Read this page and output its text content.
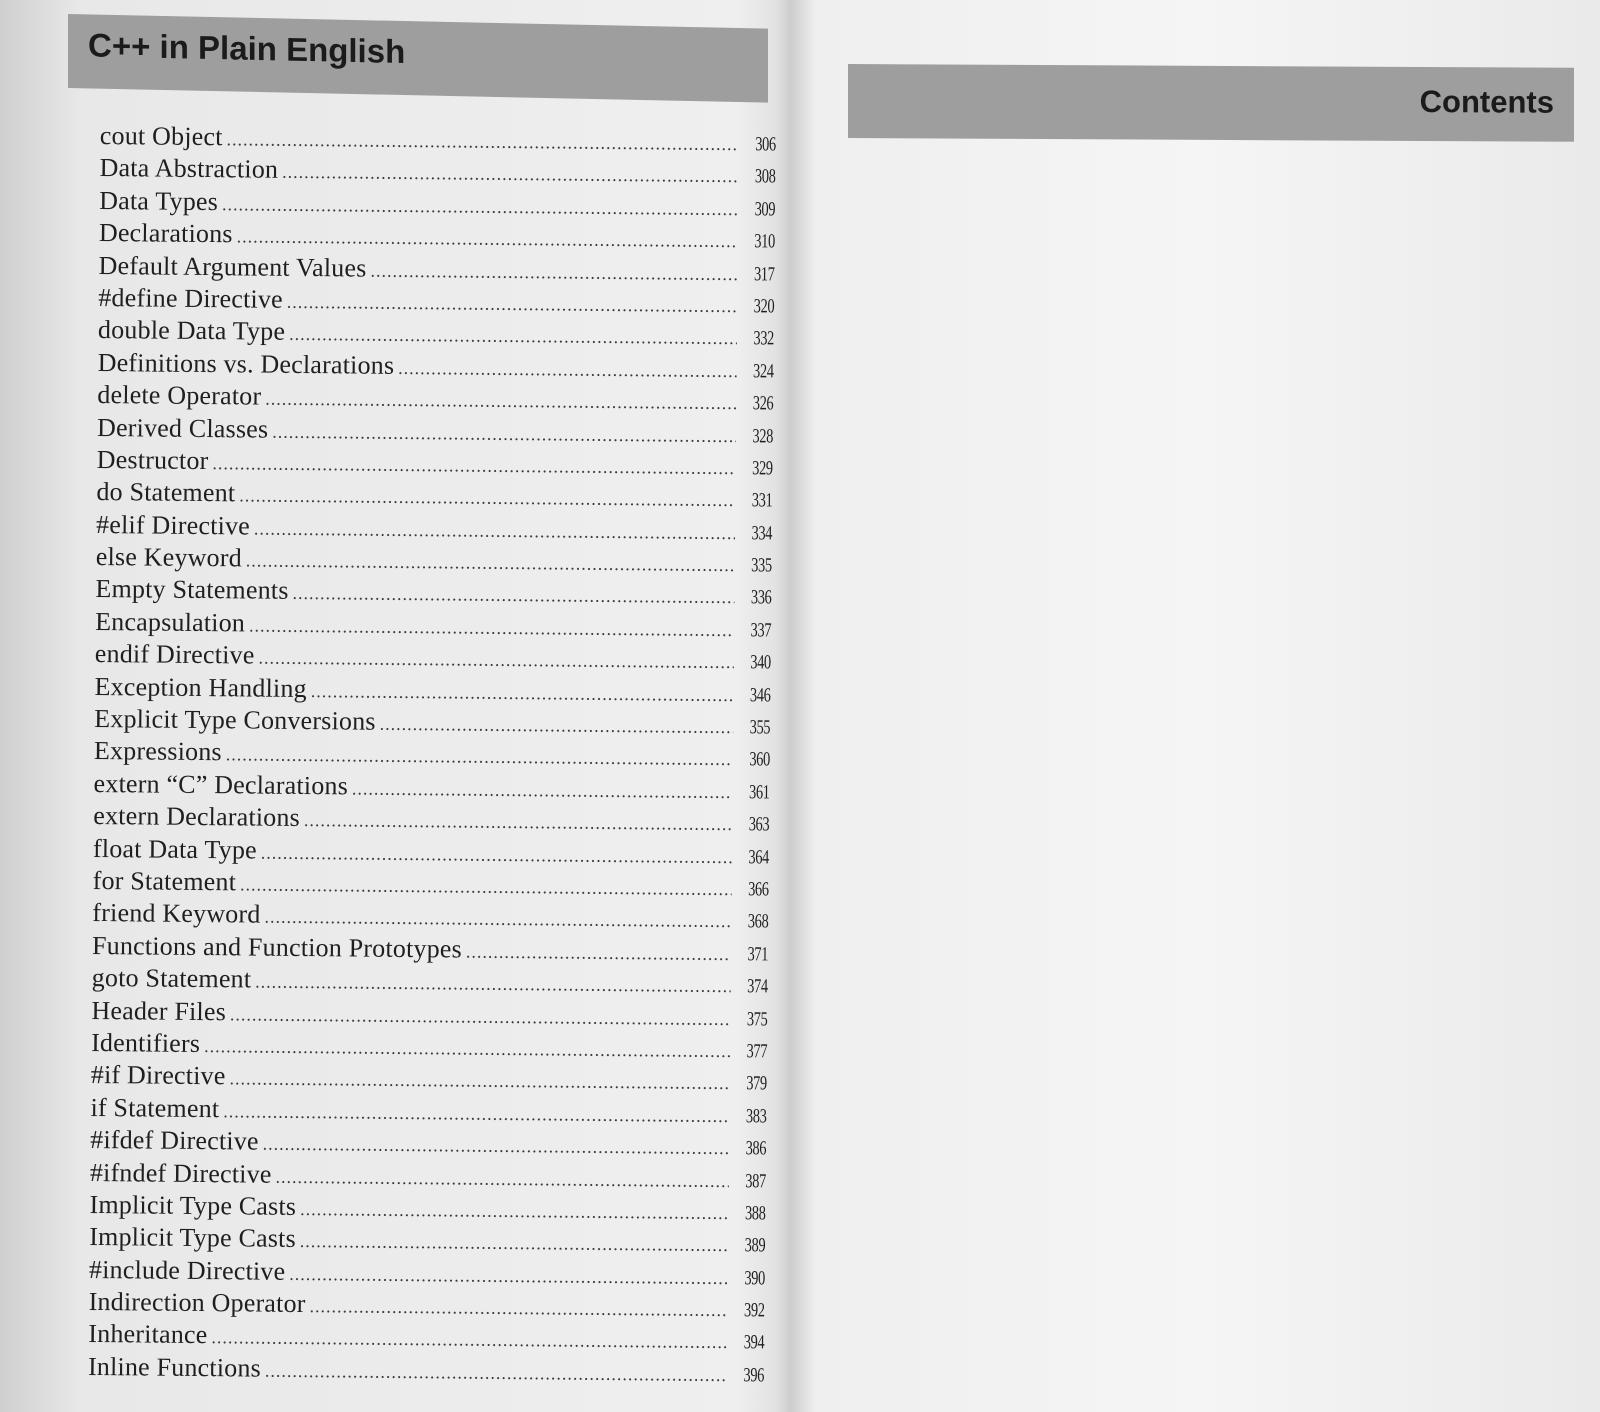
C++ in Plain English
cout Object .....	306
Data Abstraction .....	308
Data Types .....	309
Declarations .....	310
Default Argument Values .....	317
#define Directive .....	320
double Data Type .....	332
Definitions vs. Declarations .....	324
delete Operator .....	326
Derived Classes .....	328
Destructor .....	329
do Statement .....	331
#elif Directive .....	334
else Keyword .....	335
Empty Statements .....	336
Encapsulation .....	337
endif Directive .....	340
Exception Handling .....	346
Explicit Type Conversions .....	355
Expressions .....	360
extern “C” Declarations .....	361
extern Declarations .....	363
float Data Type .....	364
for Statement .....	366
friend Keyword .....	368
Functions and Function Prototypes .....	371
goto Statement .....	374
Header Files .....	375
Identifiers .....	377
#if Directive .....	379
if Statement .....	383
#ifdef Directive .....	386
#ifndef Directive .....	387
Implicit Type Casts .....	388
Implicit Type Casts .....	389
#include Directive .....	390
Indirection Operator .....	392
Inheritance .....	394
Inline Functions .....	396
Contents
